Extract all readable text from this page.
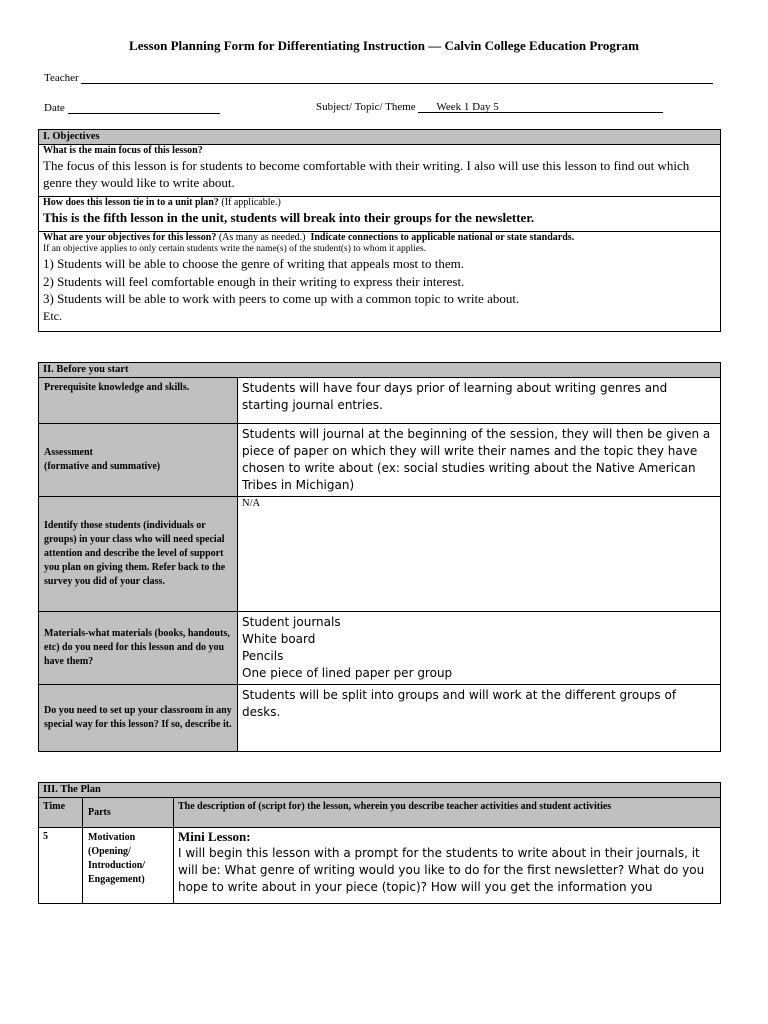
Lesson Planning Form for Differentiating Instruction — Calvin College Education Program
Teacher
Date	Subject/ Topic/ Theme Week 1 Day 5
I. Objectives

What is the main focus of this lesson?
The focus of this lesson is for students to become comfortable with their writing. I also will use this lesson to find out which genre they would like to write about.

How does this lesson tie in to a unit plan? (If applicable.)
This is the fifth lesson in the unit, students will break into their groups for the newsletter.

What are your objectives for this lesson? (As many as needed.) Indicate connections to applicable national or state standards.
If an objective applies to only certain students write the name(s) of the student(s) to whom it applies.
1) Students will be able to choose the genre of writing that appeals most to them.
2) Students will feel comfortable enough in their writing to express their interest.
3) Students will be able to work with peers to come up with a common topic to write about.
Etc.
II. Before you start	
Prerequisite knowledge and skills.	Students will have four days prior of learning about writing genres and starting journal entries.

Assessment
(formative and summative)	Students will journal at the beginning of the session, they will then be given a piece of paper on which they will write their names and the topic they have chosen to write about (ex: social studies writing about the Native American Tribes in Michigan)
Identify those students (individuals or groups) in your class who will need special attention and describe the level of support you plan on giving them. Refer back to the survey you did of your class.	N/A
Materials-what materials (books, handouts, etc) do you need for this lesson and do you have them?	Student journals
White board
Pencils
One piece of lined paper per group

Do you need to set up your classroom in any special way for this lesson? If so, describe it.	Students will be split into groups and will work at the different groups of desks.
III. The Plan		
Time	Parts	The description of (script for) the lesson, wherein you describe teacher activities and student activities
5	Motivation (Opening/ Introduction/ Engagement)	Mini Lesson:
I will begin this lesson with a prompt for the students to write about in their journals, it will be: What genre of writing would you like to do for the first newsletter? What do you hope to write about in your piece (topic)? How will you get the information you
